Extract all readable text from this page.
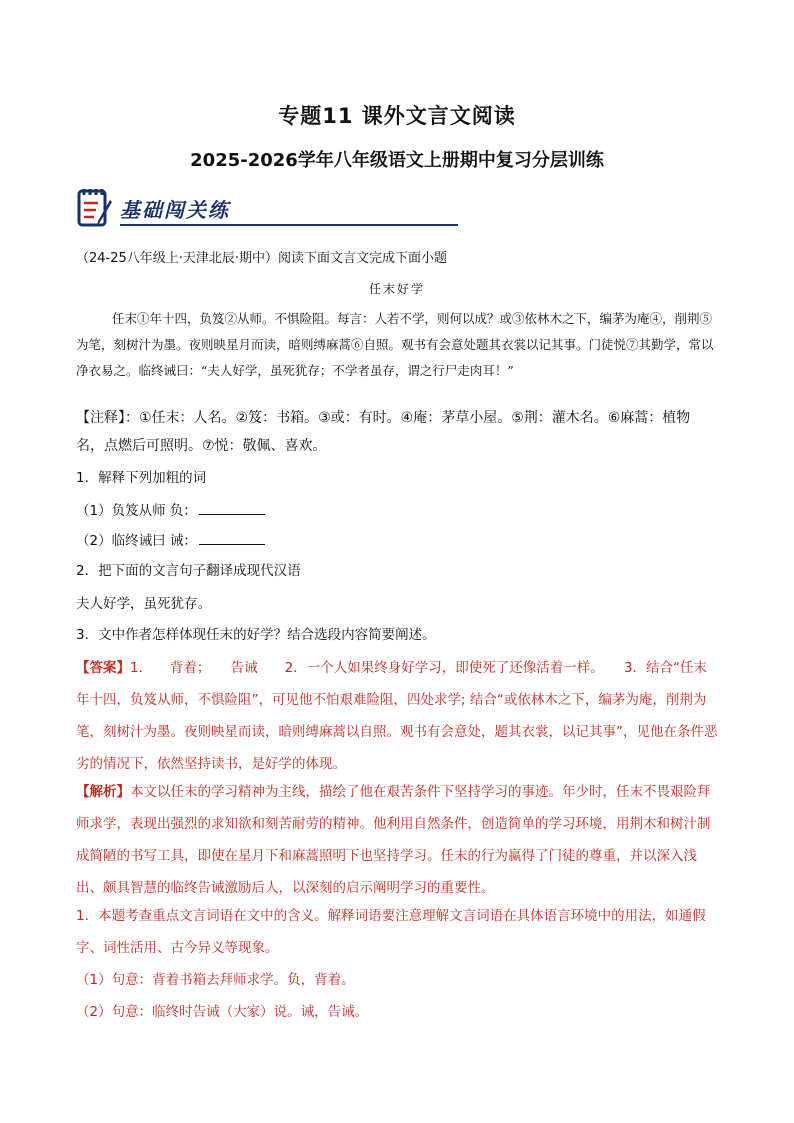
专题11 课外文言文阅读
2025-2026学年八年级语文上册期中复习分层训练
基础闯关练
（24-25八年级上·天津北辰·期中）阅读下面文言文完成下面小题
任末好学
任末①年十四，负笈②从师。不惧险阻。每言：人若不学，则何以成？或③依林木之下，编茅为庵④，削荆⑤为笔，刻树汁为墨。夜则映星月而读，暗则缚麻蒿⑥自照。观书有会意处题其衣裳以记其事。门徒悦⑦其勤学，常以净衣易之。临终诫曰：“夫人好学，虽死犹存；不学者虽存，谓之行尸走肉耳！”
【注释】：①任末：人名。②笈：书箱。③或：有时。④庵：茅草小屋。⑤荆：灌木名。⑥麻蒿：植物名，点燃后可照明。⑦悦：敬佩、喜欢。
1．解释下列加粗的词
（1）负笈从师 负：
（2）临终诫曰 诫：
2．把下面的文言句子翻译成现代汉语
夫人好学，虽死犹存。
3．文中作者怎样体现任末的好学？结合选段内容简要阐述。
【答案】1.　　背着；　　告诫　　2．一个人如果终身好学习，即使死了还像活着一样。　　3．结合“任末年十四，负笈从师，不惧险阻”，可见他不怕艰难险阻，四处求学; 结合“或依林木之下，编茅为庵，削荆为笔，刻树汁为墨。夜则映星而读，暗则缚麻蒿以自照。观书有会意处，题其衣裳，以记其事”，见他在条件恶劣的情况下，依然坚持读书，是好学的体现。
【解析】本文以任末的学习精神为主线，描绘了他在艰苦条件下坚持学习的事迹。年少时，任末不畏艰险拜师求学，表现出强烈的求知欲和刻苦耐劳的精神。他利用自然条件，创造简单的学习环境，用荆木和树汁制成简陋的书写工具，即使在星月下和麻蒿照明下也坚持学习。任末的行为赢得了门徒的尊重，并以深入浅出、颇具智慧的临终告诫激励后人，以深刻的启示阐明学习的重要性。
1．本题考查重点文言词语在文中的含义。解释词语要注意理解文言词语在具体语言环境中的用法，如通假字、词性活用、古今异义等现象。
（1）句意：背着书箱去拜师求学。负，背着。
（2）句意：临终时告诫（大家）说。诫，告诫。
